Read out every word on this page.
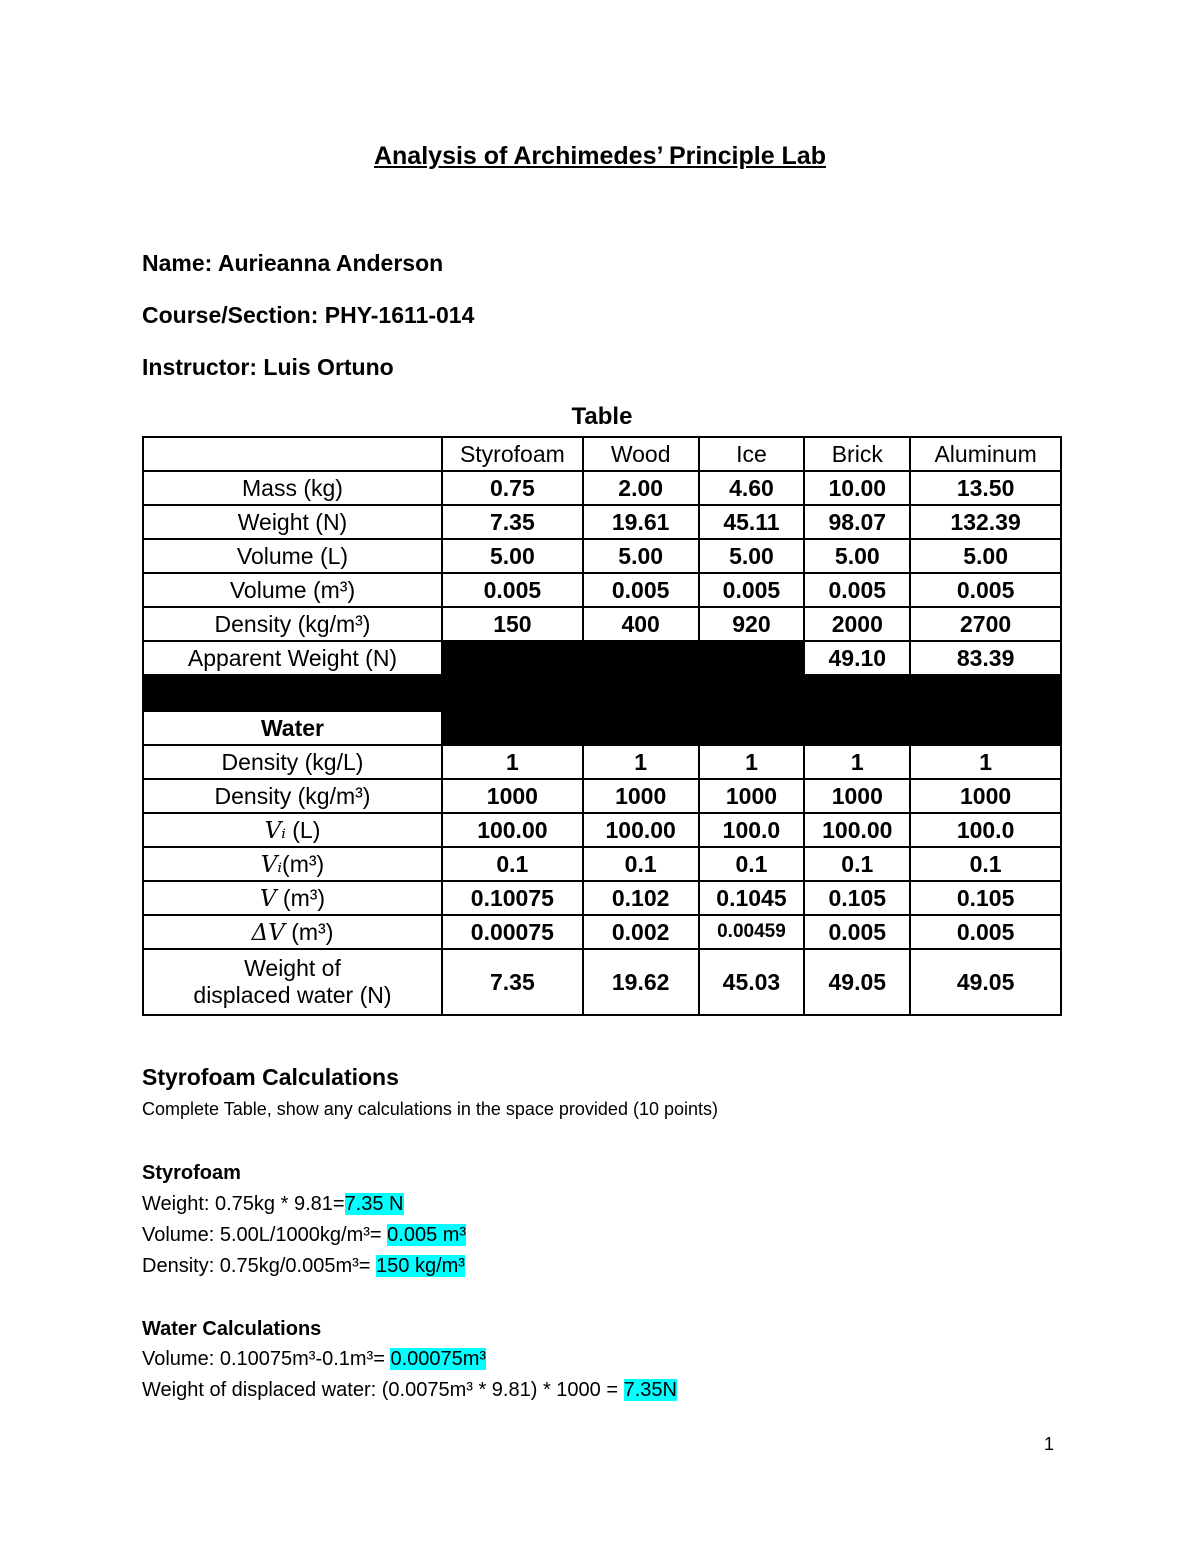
Analysis of Archimedes’ Principle Lab
Name: Aurieanna Anderson
Course/Section: PHY-1611-014
Instructor: Luis Ortuno
Table
	Styrofoam	Wood	Ice	Brick	Aluminum
Mass (kg)	0.75	2.00	4.60	10.00	13.50
Weight (N)	7.35	19.61	45.11	98.07	132.39
Volume (L)	5.00	5.00	5.00	5.00	5.00
Volume (m³)	0.005	0.005	0.005	0.005	0.005
Density (kg/m³)	150	400	920	2000	2700
Apparent Weight (N)				49.10	83.39

Water					
Density (kg/L)	1	1	1	1	1
Density (kg/m³)	1000	1000	1000	1000	1000
Vᵢ (L)	100.00	100.00	100.0	100.00	100.0
Vᵢ(m³)	0.1	0.1	0.1	0.1	0.1
V (m³)	0.10075	0.102	0.1045	0.105	0.105
ΔV (m³)	0.00075	0.002	0.00459	0.005	0.005

Weight of
displaced water (N)	7.35	19.62	45.03	49.05	49.05
Styrofoam Calculations
Complete Table, show any calculations in the space provided (10 points)
Styrofoam
Weight: 0.75kg * 9.81=7.35 N
Volume: 5.00L/1000kg/m³= 0.005 m³
Density: 0.75kg/0.005m³= 150 kg/m³
Water Calculations
Volume: 0.10075m³-0.1m³= 0.00075m³
Weight of displaced water: (0.0075m³ * 9.81) * 1000 = 7.35N
1
